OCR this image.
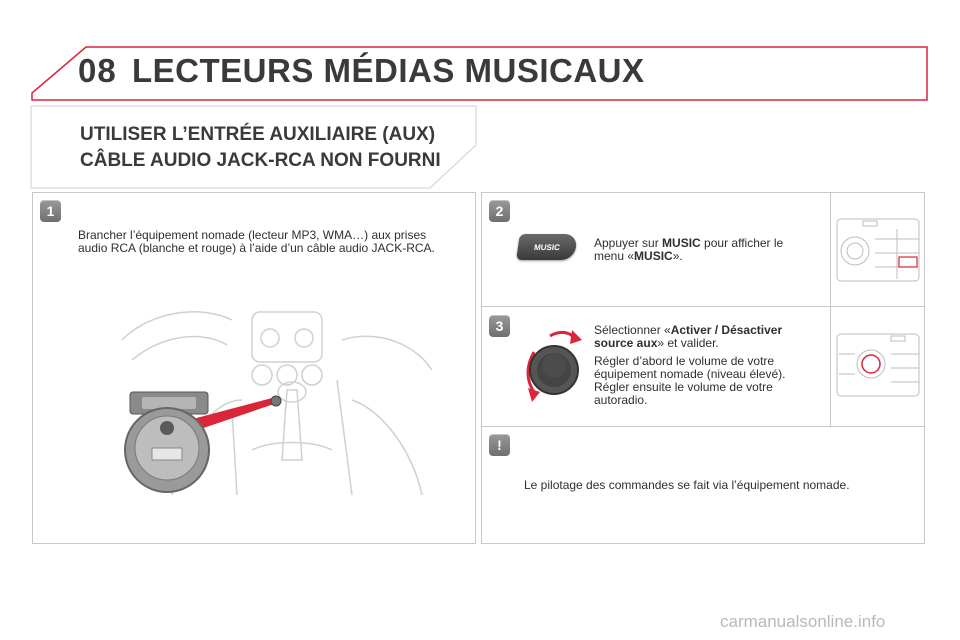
08 LECTEURS MÉDIAS MUSICAUX
UTILISER L’ENTRÉE AUXILIAIRE (AUX)
CÂBLE AUDIO JACK-RCA NON FOURNI
1
Brancher l’équipement nomade (lecteur MP3, WMA…) aux prises
audio RCA (blanche et rouge) à l’aide d’un câble audio JACK-RCA.
2
MUSIC	Appuyer sur MUSIC pour afficher le
menu «MUSIC».
3	Sélectionner «Activer / Désactiver
source aux» et valider.
Régler d’abord le volume de votre
équipement nomade (niveau élevé).
Régler ensuite le volume de votre
autoradio.
!
Le pilotage des commandes se fait via l’équipement nomade.
carmanualsonline.info
